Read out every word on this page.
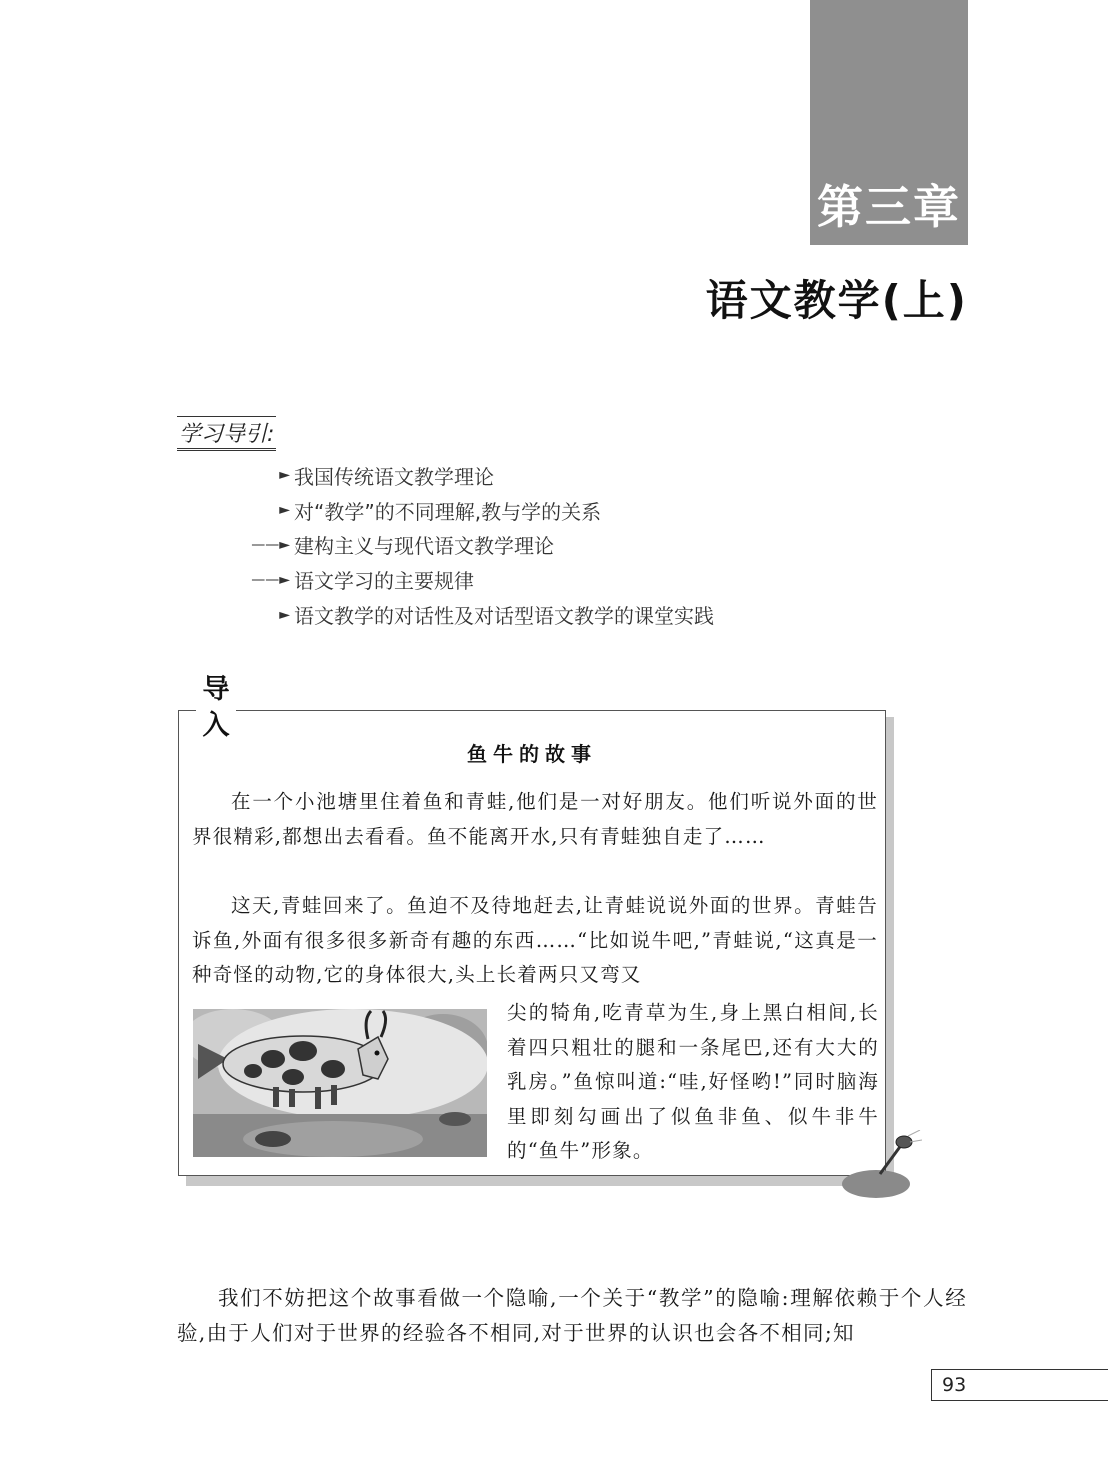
第三章
语文教学(上)
学习导引:
► 我国传统语文教学理论
► 对“教学”的不同理解,教与学的关系
——► 建构主义与现代语文教学理论
——► 语文学习的主要规律
► 语文教学的对话性及对话型语文教学的课堂实践
导入
鱼牛的故事

在一个小池塘里住着鱼和青蛙,他们是一对好朋友。他们听说外面的世界很精彩,都想出去看看。鱼不能离开水,只有青蛙独自走了……

这天,青蛙回来了。鱼迫不及待地赶去,让青蛙说说外面的世界。青蛙告诉鱼,外面有很多很多新奇有趣的东西……“比如说牛吧,”青蛙说,“这真是一种奇怪的动物,它的身体很大,头上长着两只又弯又

尖的犄角,吃青草为生,身上黑白相间,长着四只粗壮的腿和一条尾巴,还有大大的乳房。”鱼惊叫道:“哇,好怪哟!”同时脑海里即刻勾画出了似鱼非鱼、似牛非牛的“鱼牛”形象。

我们不妨把这个故事看做一个隐喻,一个关于“教学”的隐喻:理解依赖于个人经验,由于人们对于世界的经验各不相同,对于世界的认识也会各不相同;知

93
